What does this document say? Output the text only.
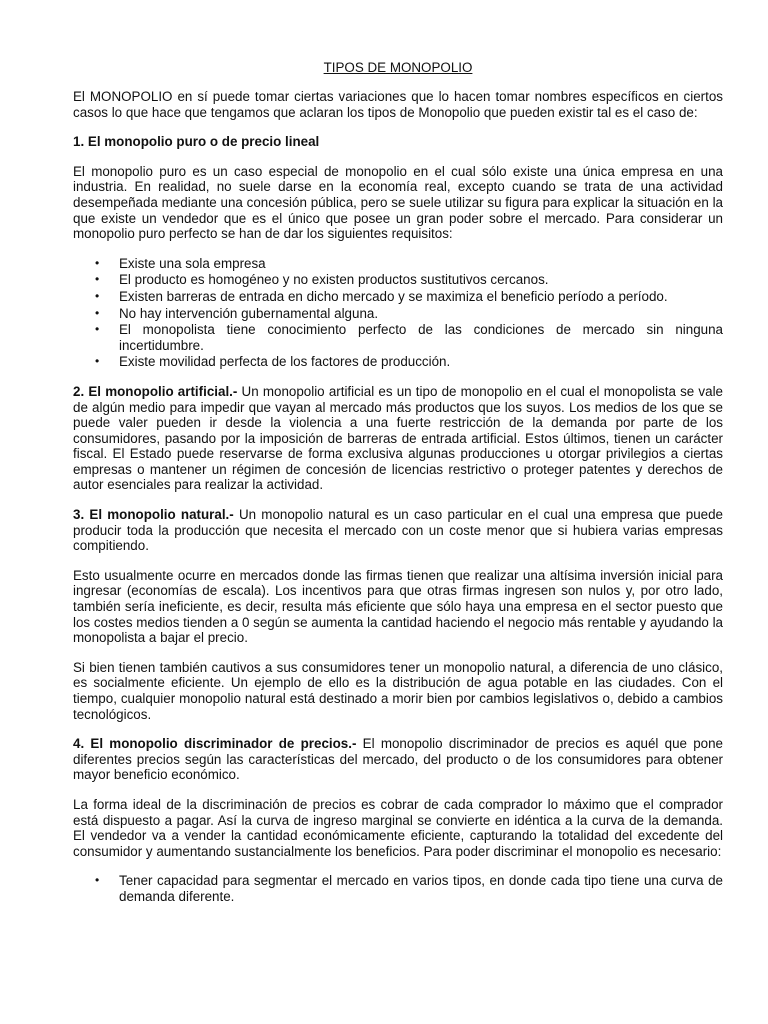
TIPOS DE MONOPOLIO

El MONOPOLIO en sí puede tomar ciertas variaciones que lo hacen tomar nombres específicos en ciertos casos lo que hace que tengamos que aclaran los tipos de Monopolio que pueden existir tal es el caso de:

1. El monopolio puro o de precio lineal

El monopolio puro es un caso especial de monopolio en el cual sólo existe una única empresa en una industria. En realidad, no suele darse en la economía real, excepto cuando se trata de una actividad desempeñada mediante una concesión pública, pero se suele utilizar su figura para explicar la situación en la que existe un vendedor que es el único que posee un gran poder sobre el mercado. Para considerar un monopolio puro perfecto se han de dar los siguientes requisitos:

• Existe una sola empresa
• El producto es homogéneo y no existen productos sustitutivos cercanos.
• Existen barreras de entrada en dicho mercado y se maximiza el beneficio período a período.
• No hay intervención gubernamental alguna.
• El monopolista tiene conocimiento perfecto de las condiciones de mercado sin ninguna incertidumbre.
• Existe movilidad perfecta de los factores de producción.

2. El monopolio artificial.- Un monopolio artificial es un tipo de monopolio en el cual el monopolista se vale de algún medio para impedir que vayan al mercado más productos que los suyos. Los medios de los que se puede valer pueden ir desde la violencia a una fuerte restricción de la demanda por parte de los consumidores, pasando por la imposición de barreras de entrada artificial. Estos últimos, tienen un carácter fiscal. El Estado puede reservarse de forma exclusiva algunas producciones u otorgar privilegios a ciertas empresas o mantener un régimen de concesión de licencias restrictivo o proteger patentes y derechos de autor esenciales para realizar la actividad.

3. El monopolio natural.- Un monopolio natural es un caso particular en el cual una empresa que puede producir toda la producción que necesita el mercado con un coste menor que si hubiera varias empresas compitiendo.

Esto usualmente ocurre en mercados donde las firmas tienen que realizar una altísima inversión inicial para ingresar (economías de escala). Los incentivos para que otras firmas ingresen son nulos y, por otro lado, también sería ineficiente, es decir, resulta más eficiente que sólo haya una empresa en el sector puesto que los costes medios tienden a 0 según se aumenta la cantidad haciendo el negocio más rentable y ayudando la monopolista a bajar el precio.

Si bien tienen también cautivos a sus consumidores tener un monopolio natural, a diferencia de uno clásico, es socialmente eficiente. Un ejemplo de ello es la distribución de agua potable en las ciudades. Con el tiempo, cualquier monopolio natural está destinado a morir bien por cambios legislativos o, debido a cambios tecnológicos.

4. El monopolio discriminador de precios.- El monopolio discriminador de precios es aquél que pone diferentes precios según las características del mercado, del producto o de los consumidores para obtener mayor beneficio económico.

La forma ideal de la discriminación de precios es cobrar de cada comprador lo máximo que el comprador está dispuesto a pagar. Así la curva de ingreso marginal se convierte en idéntica a la curva de la demanda. El vendedor va a vender la cantidad económicamente eficiente, capturando la totalidad del excedente del consumidor y aumentando sustancialmente los beneficios. Para poder discriminar el monopolio es necesario:

• Tener capacidad para segmentar el mercado en varios tipos, en donde cada tipo tiene una curva de demanda diferente.
